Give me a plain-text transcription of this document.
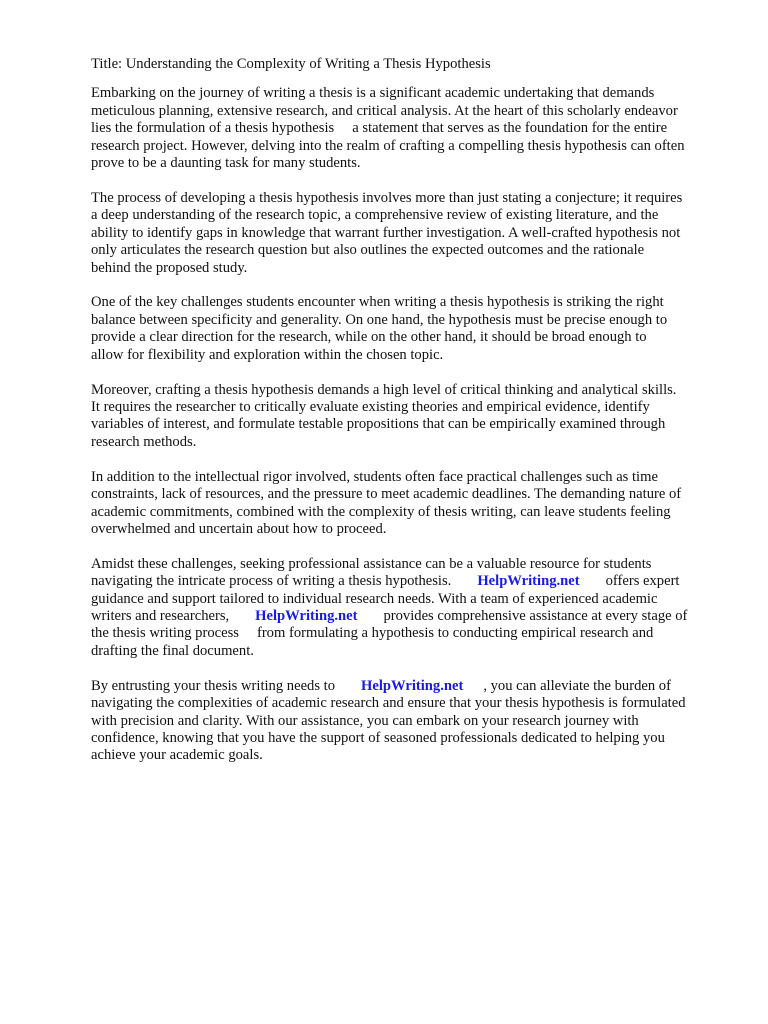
Title: Understanding the Complexity of Writing a Thesis Hypothesis

Embarking on the journey of writing a thesis is a significant academic undertaking that demands
meticulous planning, extensive research, and critical analysis. At the heart of this scholarly endeavor
lies the formulation of a thesis hypothesis a statement that serves as the foundation for the entire
research project. However, delving into the realm of crafting a compelling thesis hypothesis can often
prove to be a daunting task for many students.

The process of developing a thesis hypothesis involves more than just stating a conjecture; it requires
a deep understanding of the research topic, a comprehensive review of existing literature, and the
ability to identify gaps in knowledge that warrant further investigation. A well-crafted hypothesis not
only articulates the research question but also outlines the expected outcomes and the rationale
behind the proposed study.

One of the key challenges students encounter when writing a thesis hypothesis is striking the right
balance between specificity and generality. On one hand, the hypothesis must be precise enough to
provide a clear direction for the research, while on the other hand, it should be broad enough to
allow for flexibility and exploration within the chosen topic.

Moreover, crafting a thesis hypothesis demands a high level of critical thinking and analytical skills.
It requires the researcher to critically evaluate existing theories and empirical evidence, identify
variables of interest, and formulate testable propositions that can be empirically examined through
research methods.

In addition to the intellectual rigor involved, students often face practical challenges such as time
constraints, lack of resources, and the pressure to meet academic deadlines. The demanding nature of
academic commitments, combined with the complexity of thesis writing, can leave students feeling
overwhelmed and uncertain about how to proceed.

Amidst these challenges, seeking professional assistance can be a valuable resource for students
navigating the intricate process of writing a thesis hypothesis. HelpWriting.net offers expert
guidance and support tailored to individual research needs. With a team of experienced academic
writers and researchers, HelpWriting.net provides comprehensive assistance at every stage of
the thesis writing process from formulating a hypothesis to conducting empirical research and
drafting the final document.

By entrusting your thesis writing needs to HelpWriting.net , you can alleviate the burden of
navigating the complexities of academic research and ensure that your thesis hypothesis is formulated
with precision and clarity. With our assistance, you can embark on your research journey with
confidence, knowing that you have the support of seasoned professionals dedicated to helping you
achieve your academic goals.
